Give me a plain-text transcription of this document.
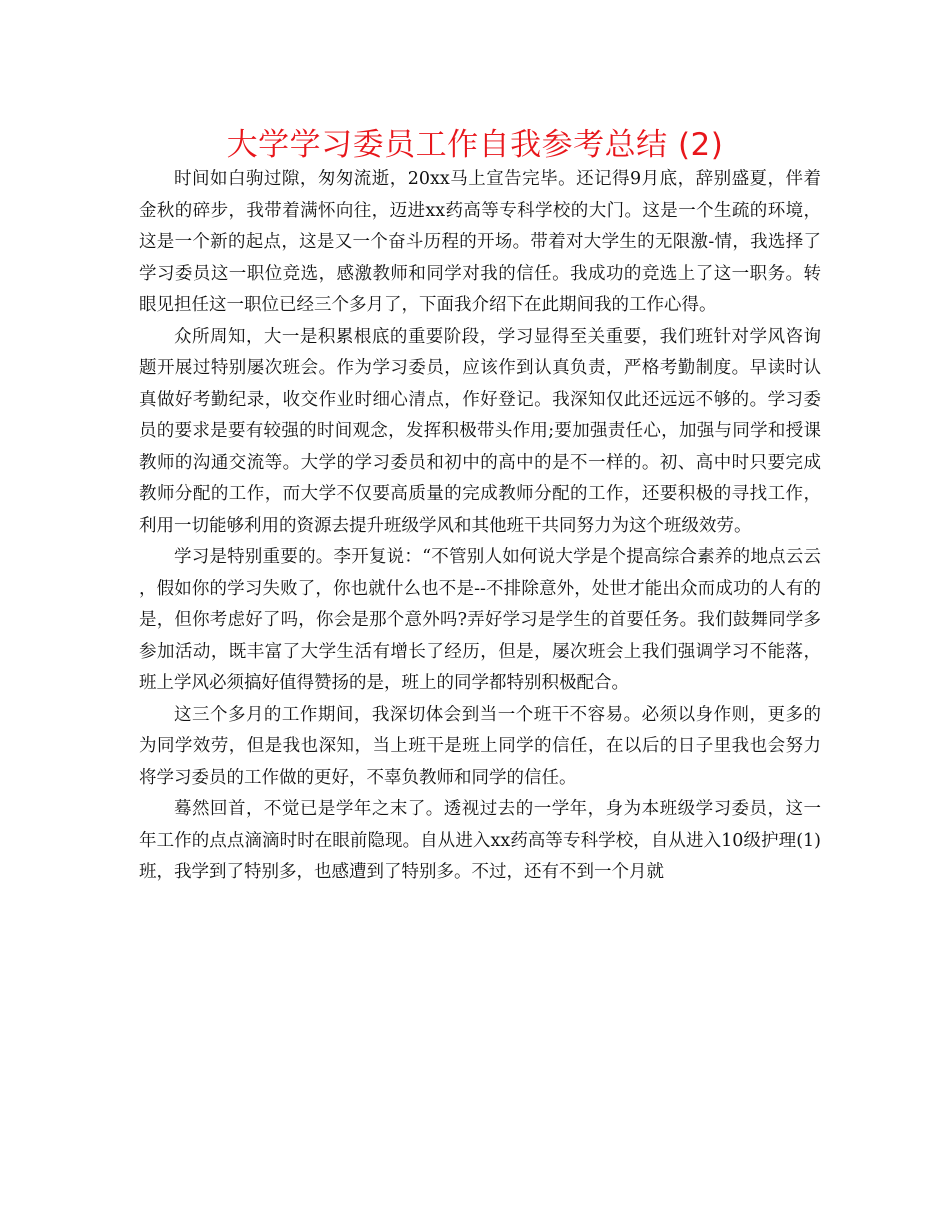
大学学习委员工作自我参考总结 (2)

时间如白驹过隙，匆匆流逝，20xx马上宣告完毕。还记得9月底，辞别盛夏，伴着金秋的碎步，我带着满怀向往，迈进xx药高等专科学校的大门。这是一个生疏的环境，这是一个新的起点，这是又一个奋斗历程的开场。带着对大学生的无限激-情，我选择了学习委员这一职位竞选，感激教师和同学对我的信任。我成功的竞选上了这一职务。转眼见担任这一职位已经三个多月了，下面我介绍下在此期间我的工作心得。

众所周知，大一是积累根底的重要阶段，学习显得至关重要，我们班针对学风咨询题开展过特别屡次班会。作为学习委员，应该作到认真负责，严格考勤制度。早读时认真做好考勤纪录，收交作业时细心清点，作好登记。我深知仅此还远远不够的。学习委员的要求是要有较强的时间观念，发挥积极带头作用;要加强责任心，加强与同学和授课教师的沟通交流等。大学的学习委员和初中的高中的是不一样的。初、高中时只要完成教师分配的工作，而大学不仅要高质量的完成教师分配的工作，还要积极的寻找工作，利用一切能够利用的资源去提升班级学风和其他班干共同努力为这个班级效劳。

学习是特别重要的。李开复说：“不管别人如何说大学是个提高综合素养的地点云云，假如你的学习失败了，你也就什么也不是--不排除意外，处世才能出众而成功的人有的是，但你考虑好了吗，你会是那个意外吗?弄好学习是学生的首要任务。我们鼓舞同学多参加活动，既丰富了大学生活有增长了经历，但是，屡次班会上我们强调学习不能落，班上学风必须搞好值得赞扬的是，班上的同学都特别积极配合。

这三个多月的工作期间，我深切体会到当一个班干不容易。必须以身作则，更多的为同学效劳，但是我也深知，当上班干是班上同学的信任，在以后的日子里我也会努力将学习委员的工作做的更好，不辜负教师和同学的信任。

蓦然回首，不觉已是学年之末了。透视过去的一学年，身为本班级学习委员，这一年工作的点点滴滴时时在眼前隐现。自从进入xx药高等专科学校，自从进入10级护理(1)班，我学到了特别多，也感遭到了特别多。不过，还有不到一个月就
